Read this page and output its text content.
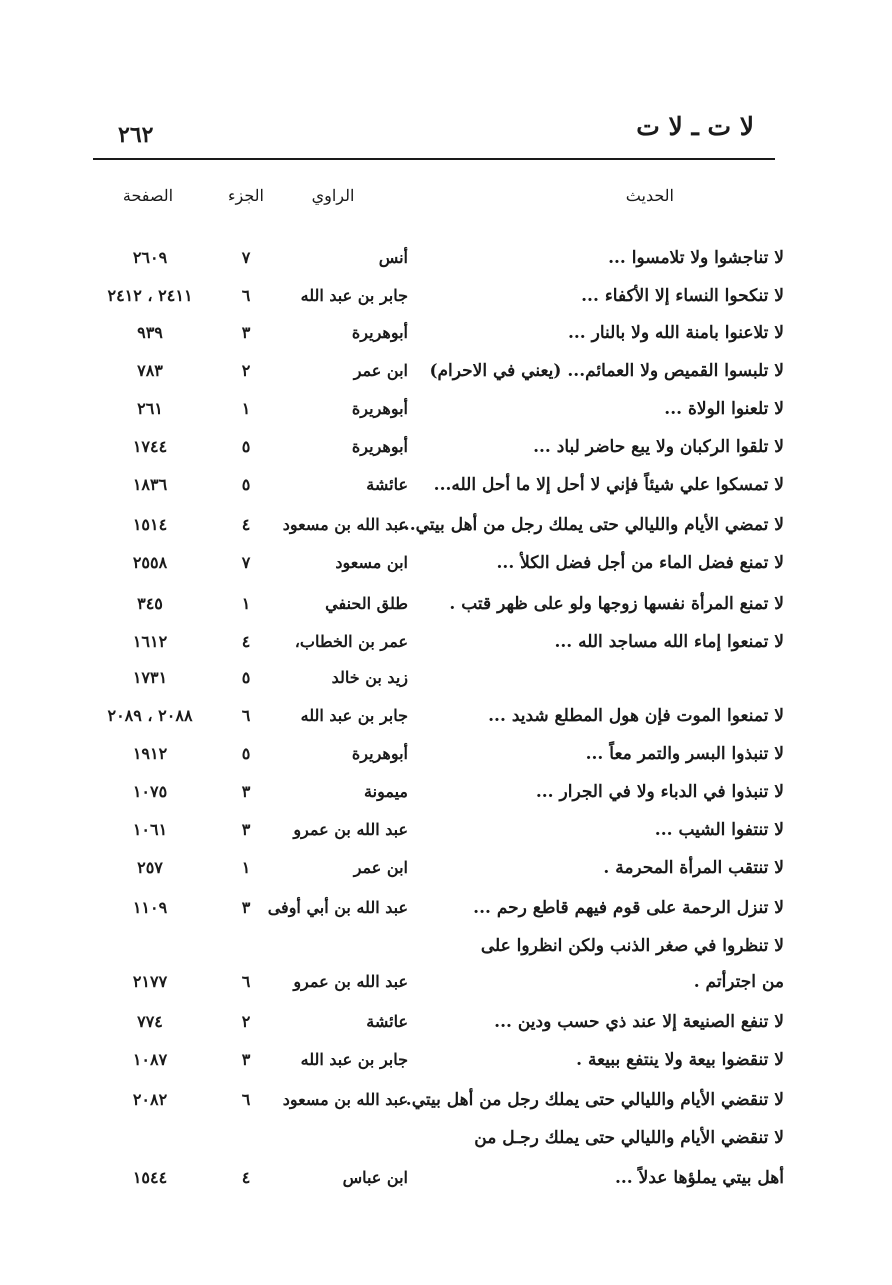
لا ت ـ لا ت
٢٦٢
الحديث
الراوي
الجزء
الصفحة
لا تناجشوا ولا تلامسوا ...
أنس
٧
٢٦٠٩
لا تنكحوا النساء إلا الأكفاء ...
جابر بن عبد الله
٦
٢٤١١ ، ٢٤١٢
لا تلاعنوا بامنة الله ولا بالنار ...
أبوهريرة
٣
٩٣٩
لا تلبسوا القميص ولا العمائم... (يعني في الاحرام)
ابن عمر
٢
٧٨٣
لا تلعنوا الولاة ...
أبوهريرة
١
٢٦١
لا تلقوا الركبان ولا يبع حاضر لباد ...
أبوهريرة
٥
١٧٤٤
لا تمسكوا علي شيئاً فإني لا أحل إلا ما أحل الله...
عائشة
٥
١٨٣٦
لا تمضي الأيام والليالي حتى يملك رجل من أهل بيتي...
عبد الله بن مسعود
٤
١٥١٤
لا تمنع فضل الماء من أجل فضل الكلأ ...
ابن مسعود
٧
٢٥٥٨
لا تمنع المرأة نفسها زوجها ولو على ظهر قتب .
طلق الحنفي
١
٣٤٥
لا تمنعوا إماء الله مساجد الله ...
عمر بن الخطاب،
٤
١٦١٢
زيد بن خالد
٥
١٧٣١
لا تمنعوا الموت فإن هول المطلع شديد ...
جابر بن عبد الله
٦
٢٠٨٨ ، ٢٠٨٩
لا تنبذوا البسر والتمر معاً ...
أبوهريرة
٥
١٩١٢
لا تنبذوا في الدباء ولا في الجرار ...
ميمونة
٣
١٠٧٥
لا تنتفوا الشيب ...
عبد الله بن عمرو
٣
١٠٦١
لا تنتقب المرأة المحرمة .
ابن عمر
١
٢٥٧
لا تنزل الرحمة على قوم فيهم قاطع رحم ...
عبد الله بن أبي أوفى
٣
١١٠٩
لا تنظروا في صغر الذنب ولكن انظروا على
من اجترأتم .
عبد الله بن عمرو
٦
٢١٧٧
لا تنفع الصنيعة إلا عند ذي حسب ودين ...
عائشة
٢
٧٧٤
لا تنقضوا بيعة ولا ينتفع ببيعة .
جابر بن عبد الله
٣
١٠٨٧
لا تنقضي الأيام والليالي حتى يملك رجل من أهل بيتي.
عبد الله بن مسعود
٦
٢٠٨٢
لا تنقضي الأيام والليالي حتى يملك رجـل من
أهل بيتي يملؤها عدلاً ...
ابن عباس
٤
١٥٤٤
